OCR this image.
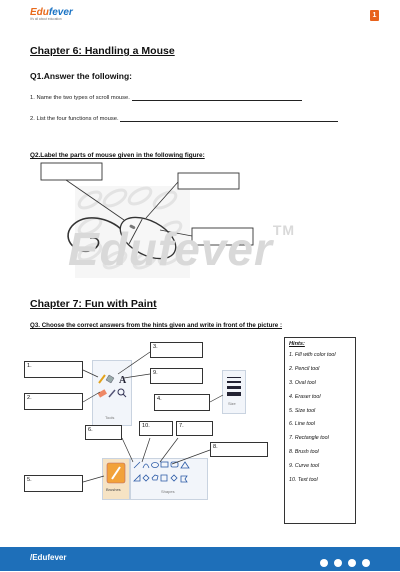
Edufever
It's all about education	1
Chapter 6: Handling a Mouse
Q1.Answer the following:
1. Name the two types of scroll mouse.
2. List the four functions of mouse.
Q2.Label the parts of mouse given in the following figure:
Edufever™
Chapter 7: Fun with Paint
Q3. Choose the correct answers from the hints given and write in front of the picture :
A
Tools
Size
Brushes	Shapes
1.
2.
3.
4.
5.
6.
7.
8.
9.
10.
Hints:
1. Fill with color tool
2. Pencil tool
3. Oval tool
4. Eraser tool
5. Size tool
6. Line tool
7. Rectangle tool
8. Brush tool
9. Curve tool
10. Text tool
/Edufever
